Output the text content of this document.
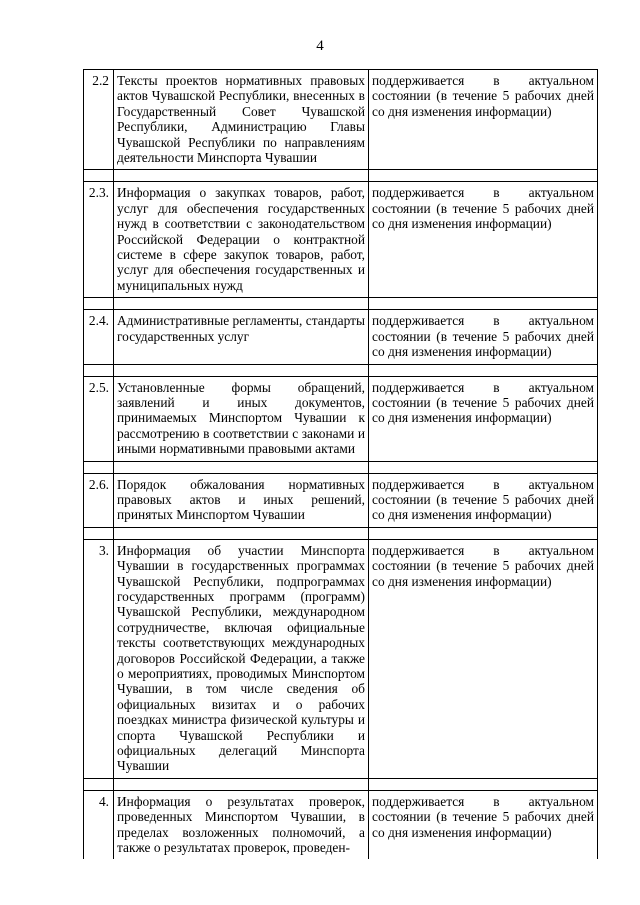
4
2.2	Тексты проектов нормативных правовых актов Чувашской Республики, внесенных в Государственный Совет Чувашской Республики, Администрацию Главы Чувашской Республики по направлениям деятельности Минспорта Чувашии	поддерживается в актуальном состоянии (в течение 5 рабочих дней со дня изменения информации)

2.3.	Информация о закупках товаров, работ, услуг для обеспечения государственных нужд в соответствии с законодательством Российской Федерации о контрактной системе в сфере закупок товаров, работ, услуг для обеспечения государственных и муниципальных нужд	поддерживается в актуальном состоянии (в течение 5 рабочих дней со дня изменения информации)

2.4.	Административные регламенты, стандарты государственных услуг	поддерживается в актуальном состоянии (в течение 5 рабочих дней со дня изменения информации)

2.5.	Установленные формы обращений, заявлений и иных документов, принимаемых Минспортом Чувашии к рассмотрению в соответствии с законами и иными нормативными правовыми актами	поддерживается в актуальном состоянии (в течение 5 рабочих дней со дня изменения информации)

2.6.	Порядок обжалования нормативных правовых актов и иных решений, принятых Минспортом Чувашии	поддерживается в актуальном состоянии (в течение 5 рабочих дней со дня изменения информации)

3.	Информация об участии Минспорта Чувашии в государственных программах Чувашской Республики, подпрограммах государственных программ (программ) Чувашской Республики, международном сотрудничестве, включая официальные тексты соответствующих международных договоров Российской Федерации, а также о мероприятиях, проводимых Минспортом Чувашии, в том числе сведения об официальных визитах и о рабочих поездках министра физической культуры и спорта Чувашской Республики и официальных делегаций Минспорта Чувашии	поддерживается в актуальном состоянии (в течение 5 рабочих дней со дня изменения информации)

4.	Информация о результатах проверок, проведенных Минспортом Чувашии, в пределах возложенных полномочий, а также о результатах проверок, проведен-	поддерживается в актуальном состоянии (в течение 5 рабочих дней со дня изменения информации)
